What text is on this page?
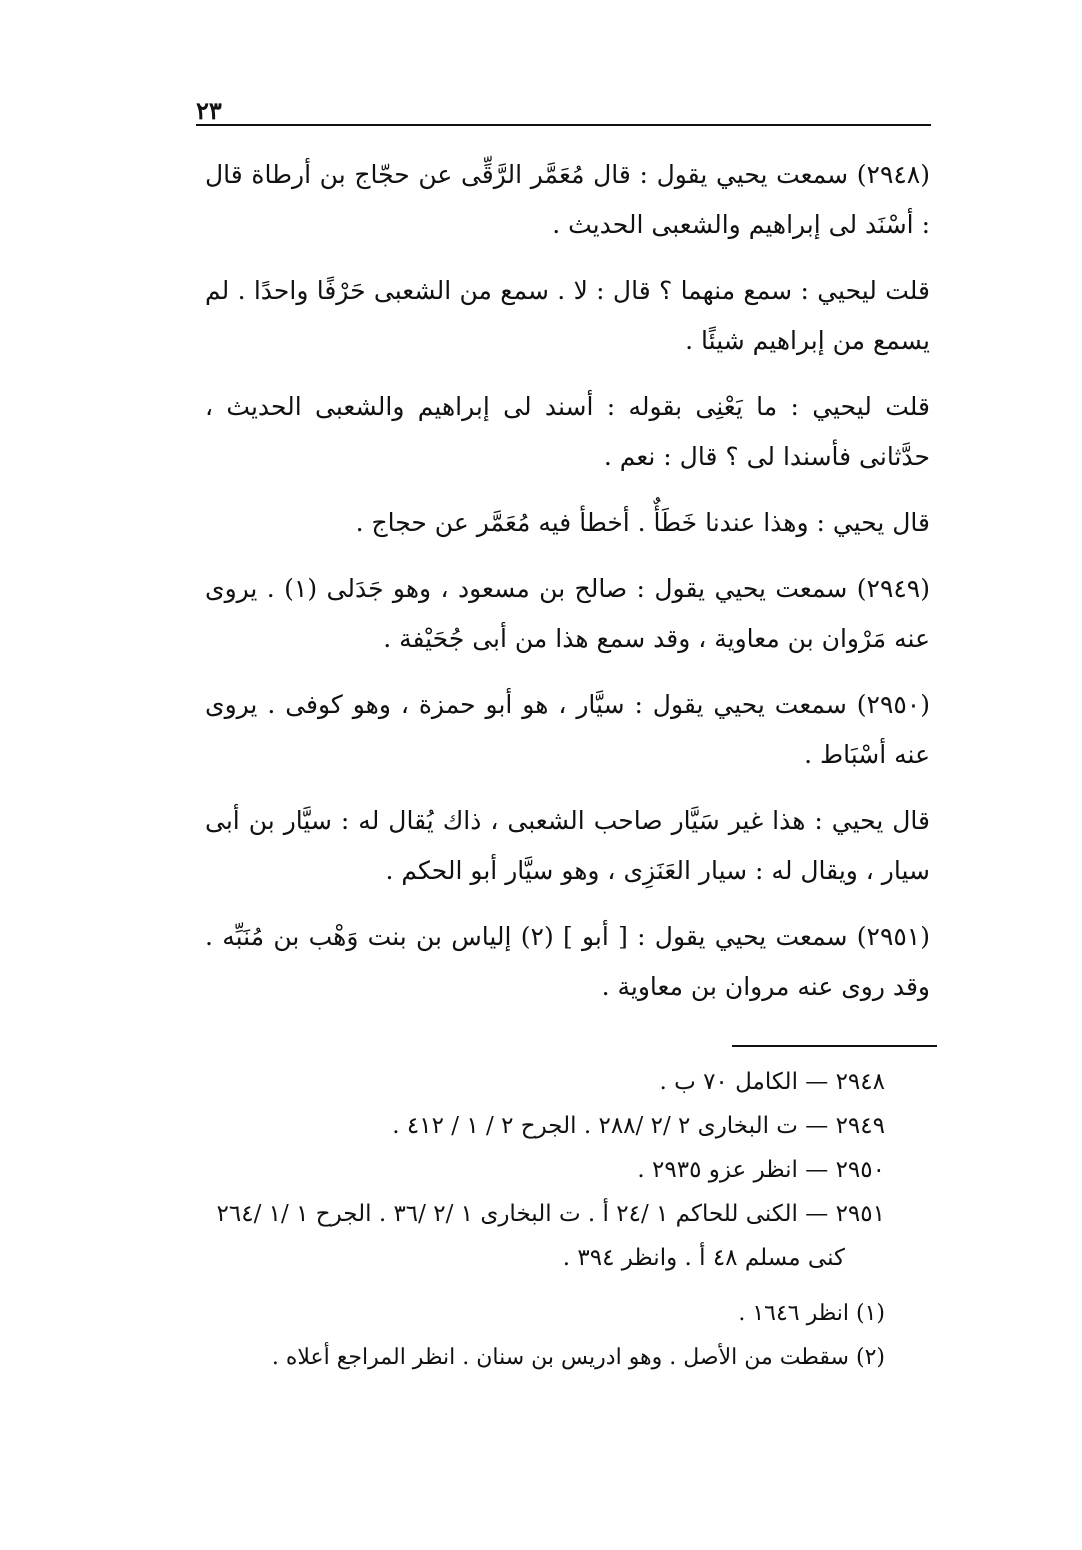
٢٣

(٢٩٤٨) سمعت يحيي يقول : قال مُعَمَّر الرَّقِّى عن حجّاج بن أرطاة قال : أسْنَد لى إبراهيم والشعبى الحديث .

قلت ليحيي : سمع منهما ؟ قال : لا . سمع من الشعبى حَرْفًا واحدًا . لم يسمع من إبراهيم شيئًا .

قلت ليحيي : ما يَعْنِى بقوله : أسند لى إبراهيم والشعبى الحديث ، حدَّثانى فأسندا لى ؟ قال : نعم .

قال يحيي : وهذا عندنا خَطَأٌ . أخطأ فيه مُعَمَّر عن حجاج .

(٢٩٤٩) سمعت يحيي يقول : صالح بن مسعود ، وهو جَدَلى (١) . يروى عنه مَرْوان بن معاوية ، وقد سمع هذا من أبى جُحَيْفة .

(٢٩٥٠) سمعت يحيي يقول : سيَّار ، هو أبو حمزة ، وهو كوفى . يروى عنه أسْبَاط .

قال يحيي : هذا غير سَيَّار صاحب الشعبى ، ذاك يُقال له : سيَّار بن أبى سيار ، ويقال له : سيار العَنَزِى ، وهو سيَّار أبو الحكم .

(٢٩٥١) سمعت يحيي يقول : [ أبو ] (٢) إلياس بن بنت وَهْب بن مُنَبِّه . وقد روى عنه مروان بن معاوية .

٢٩٤٨ — الكامل ٧٠ ب .
٢٩٤٩ — ت البخارى ٢ /٢ /٢٨٨ . الجرح ٢ / ١ / ٤١٢ .
٢٩٥٠ — انظر عزو ٢٩٣٥ .
٢٩٥١ — الكنى للحاكم ١ /٢٤ أ . ت البخارى ١ /٢ /٣٦ . الجرح ١ /١ /٢٦٤
كنى مسلم ٤٨ أ . وانظر ٣٩٤ .
(١) انظر ١٦٤٦ .
(٢) سقطت من الأصل . وهو ادريس بن سنان . انظر المراجع أعلاه .
